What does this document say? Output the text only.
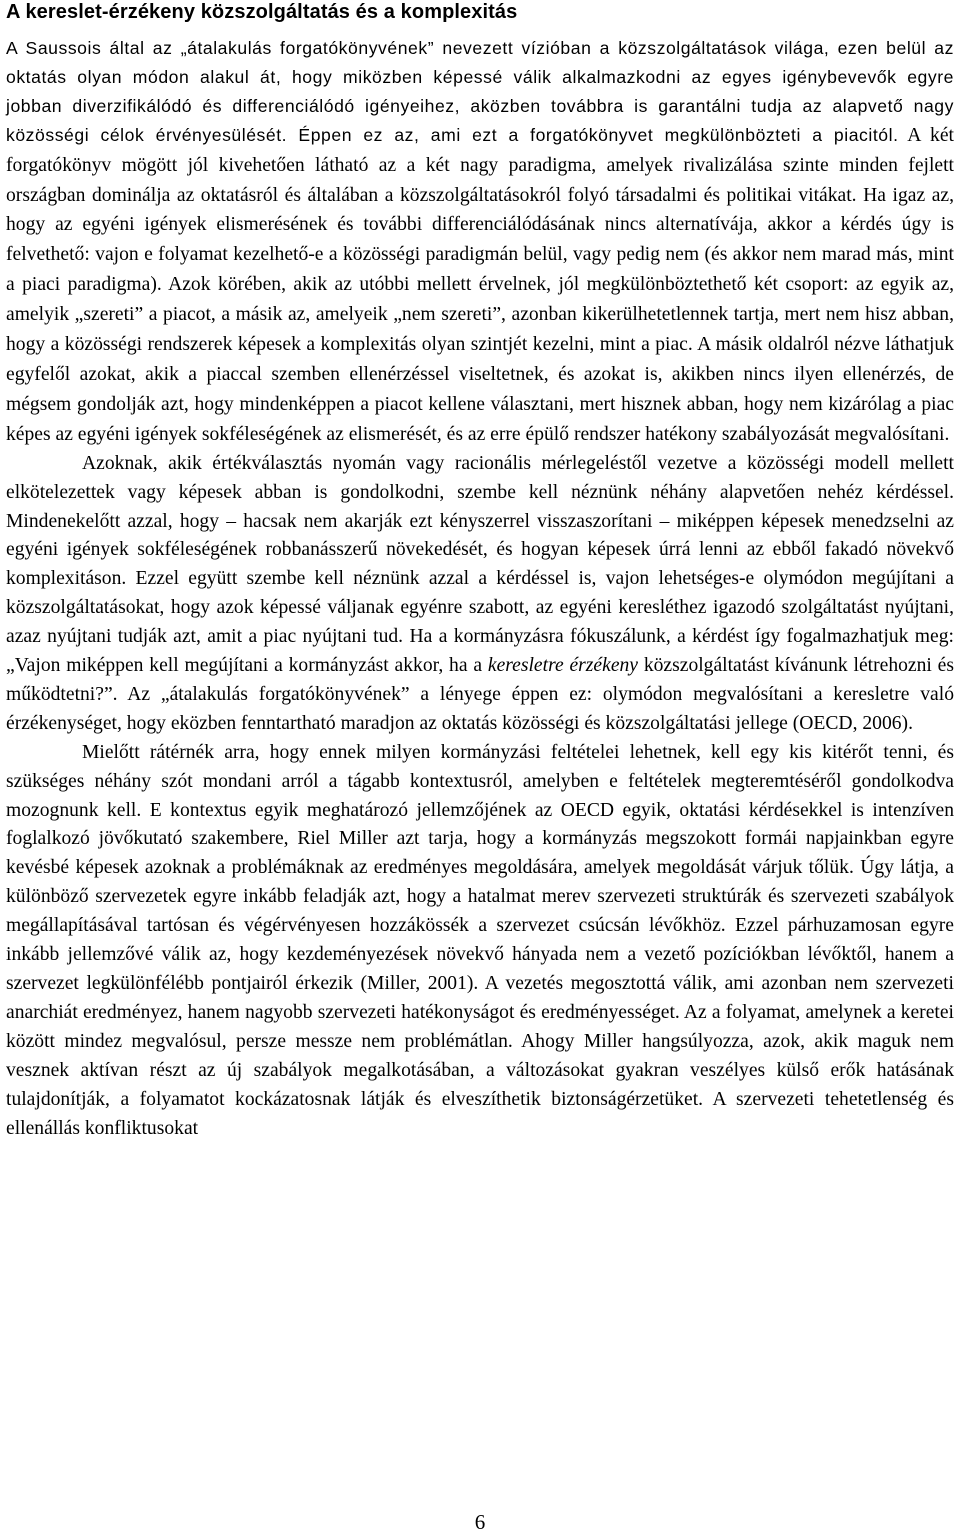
A kereslet-érzékeny közszolgáltatás és a komplexitás

A Saussois által az „átalakulás forgatókönyvének” nevezett vízióban a közszolgáltatások világa, ezen belül az oktatás olyan módon alakul át, hogy miközben képessé válik alkalmazkodni az egyes igénybevevők egyre jobban diverzifikálódó és differenciálódó igényeihez, aközben továbbra is garantálni tudja az alapvető nagy közösségi célok érvényesülését. Éppen ez az, ami ezt a forgatókönyvet megkülönbözteti a piacitól. A két forgatókönyv mögött jól kivehetően látható az a két nagy paradigma, amelyek rivalizálása szinte minden fejlett országban dominálja az oktatásról és általában a közszolgáltatásokról folyó társadalmi és politikai vitákat. Ha igaz az, hogy az egyéni igények elismerésének és további differenciálódásának nincs alternatívája, akkor a kérdés úgy is felvethető: vajon e folyamat kezelhető-e a közösségi paradigmán belül, vagy pedig nem (és akkor nem marad más, mint a piaci paradigma). Azok körében, akik az utóbbi mellett érvelnek, jól megkülönböztethető két csoport: az egyik az, amelyik „szereti” a piacot, a másik az, amelyeik „nem szereti”, azonban kikerülhetetlennek tartja, mert nem hisz abban, hogy a közösségi rendszerek képesek a komplexitás olyan szintjét kezelni, mint a piac. A másik oldalról nézve láthatjuk egyfelől azokat, akik a piaccal szemben ellenérzéssel viseltetnek, és azokat is, akikben nincs ilyen ellenérzés, de mégsem gondolják azt, hogy mindenképpen a piacot kellene választani, mert hisznek abban, hogy nem kizárólag a piac képes az egyéni igények sokféleségének az elismerését, és az erre épülő rendszer hatékony szabályozását megvalósítani.

Azoknak, akik értékválasztás nyomán vagy racionális mérlegeléstől vezetve a közösségi modell mellett elkötelezettek vagy képesek abban is gondolkodni, szembe kell néznünk néhány alapvetően nehéz kérdéssel. Mindenekelőtt azzal, hogy – hacsak nem akarják ezt kényszerrel visszaszorítani – miképpen képesek menedzselni az egyéni igények sokféleségének robbanásszerű növekedését, és hogyan képesek úrrá lenni az ebből fakadó növekvő komplexitáson. Ezzel együtt szembe kell néznünk azzal a kérdéssel is, vajon lehetséges-e olymódon megújítani a közszolgáltatásokat, hogy azok képessé váljanak egyénre szabott, az egyéni keresléthez igazodó szolgáltatást nyújtani, azaz nyújtani tudják azt, amit a piac nyújtani tud. Ha a kormányzásra fókuszálunk, a kérdést így fogalmazhatjuk meg: „Vajon miképpen kell megújítani a kormányzást akkor, ha a keresletre érzékeny közszolgáltatást kívánunk létrehozni és működtetni?”. Az „átalakulás forgatókönyvének” a lényege éppen ez: olymódon megvalósítani a keresletre való érzékenységet, hogy eközben fenntartható maradjon az oktatás közösségi és közszolgáltatási jellege (OECD, 2006).

Mielőtt rátérnék arra, hogy ennek milyen kormányzási feltételei lehetnek, kell egy kis kitérőt tenni, és szükséges néhány szót mondani arról a tágabb kontextusról, amelyben e feltételek megteremtéséről gondolkodva mozognunk kell. E kontextus egyik meghatározó jellemzőjének az OECD egyik, oktatási kérdésekkel is intenzíven foglalkozó jövőkutató szakembere, Riel Miller azt tarja, hogy a kormányzás megszokott formái napjainkban egyre kevésbé képesek azoknak a problémáknak az eredményes megoldására, amelyek megoldását várjuk tőlük. Úgy látja, a különböző szervezetek egyre inkább feladják azt, hogy a hatalmat merev szervezeti struktúrák és szervezeti szabályok megállapításával tartósan és végérvényesen hozzákössék a szervezet csúcsán lévőkhöz. Ezzel párhuzamosan egyre inkább jellemzővé válik az, hogy kezdeményezések növekvő hányada nem a vezető pozíciókban lévőktől, hanem a szervezet legkülönfélébb pontjairól érkezik (Miller, 2001). A vezetés megosztottá válik, ami azonban nem szervezeti anarchiát eredményez, hanem nagyobb szervezeti hatékonyságot és eredményességet. Az a folyamat, amelynek a keretei között mindez megvalósul, persze messze nem problémátlan. Ahogy Miller hangsúlyozza, azok, akik maguk nem vesznek aktívan részt az új szabályok megalkotásában, a változásokat gyakran veszélyes külső erők hatásának tulajdonítják, a folyamatot kockázatosnak látják és elveszíthetik biztonságérzetüket. A szervezeti tehetetlenség és ellenállás konfliktusokat

6
